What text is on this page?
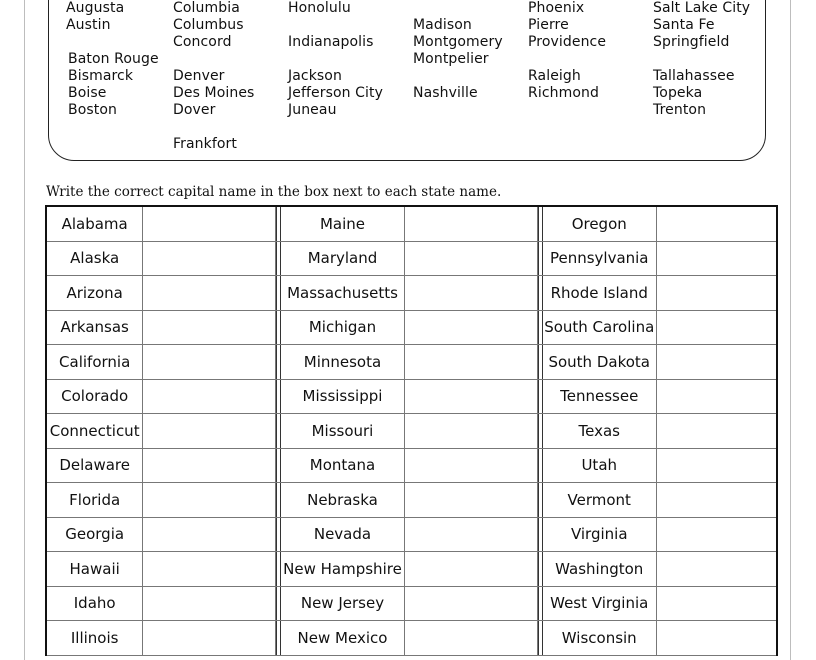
Augusta
Austin
Baton Rouge
Bismarck
Boise
Boston
Columbia
Columbus
Concord
Denver
Des Moines
Dover
Frankfort
Honolulu
Indianapolis
Jackson
Jefferson City
Juneau
Madison
Montgomery
Montpelier
Nashville
Phoenix
Pierre
Providence
Raleigh
Richmond
Salt Lake City
Santa Fe
Springfield
Tallahassee
Topeka
Trenton
Write the correct capital name in the box next to each state name.
Alabama	Maine	Oregon
Alaska	Maryland	Pennsylvania
Arizona	Massachusetts	Rhode Island
Arkansas	Michigan	South Carolina
California	Minnesota	South Dakota
Colorado	Mississippi	Tennessee
Connecticut	Missouri	Texas
Delaware	Montana	Utah
Florida	Nebraska	Vermont
Georgia	Nevada	Virginia
Hawaii	New Hampshire	Washington
Idaho	New Jersey	West Virginia
Illinois	New Mexico	Wisconsin
